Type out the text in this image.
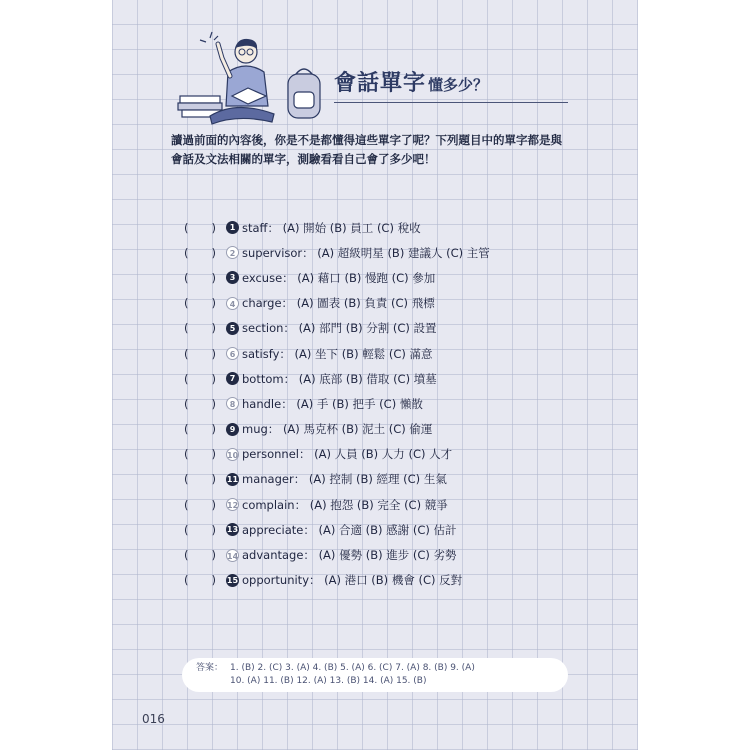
會話單字 懂多少？
讀過前面的內容後，你是不是都懂得這些單字了呢？下列題目中的單字都是與
會話及文法相關的單字，測驗看看自己會了多少吧！
(　　)	1 staff： (A) 開始 (B) 員工 (C) 稅收
(　　)	2 supervisor： (A) 超級明星 (B) 建議人 (C) 主管
(　　)	3 excuse： (A) 藉口 (B) 慢跑 (C) 參加
(　　)	4 charge： (A) 圖表 (B) 負責 (C) 飛標
(　　)	5 section： (A) 部門 (B) 分割 (C) 設置
(　　)	6 satisfy： (A) 坐下 (B) 輕鬆 (C) 滿意
(　　)	7 bottom： (A) 底部 (B) 借取 (C) 墳墓
(　　)	8 handle： (A) 手 (B) 把手 (C) 懶散
(　　)	9 mug： (A) 馬克杯 (B) 泥土 (C) 偷運
(　　)	10 personnel： (A) 人員 (B) 人力 (C) 人才
(　　)	11 manager： (A) 控制 (B) 經理 (C) 生氣
(　　)	12 complain： (A) 抱怨 (B) 完全 (C) 競爭
(　　)	13 appreciate： (A) 合適 (B) 感謝 (C) 估計
(　　)	14 advantage： (A) 優勢 (B) 進步 (C) 劣勢
(　　)	15 opportunity： (A) 港口 (B) 機會 (C) 反對
答案： 1. (B) 2. (C) 3. (A) 4. (B) 5. (A) 6. (C) 7. (A) 8. (B) 9. (A)
10. (A) 11. (B) 12. (A) 13. (B) 14. (A) 15. (B)
016
